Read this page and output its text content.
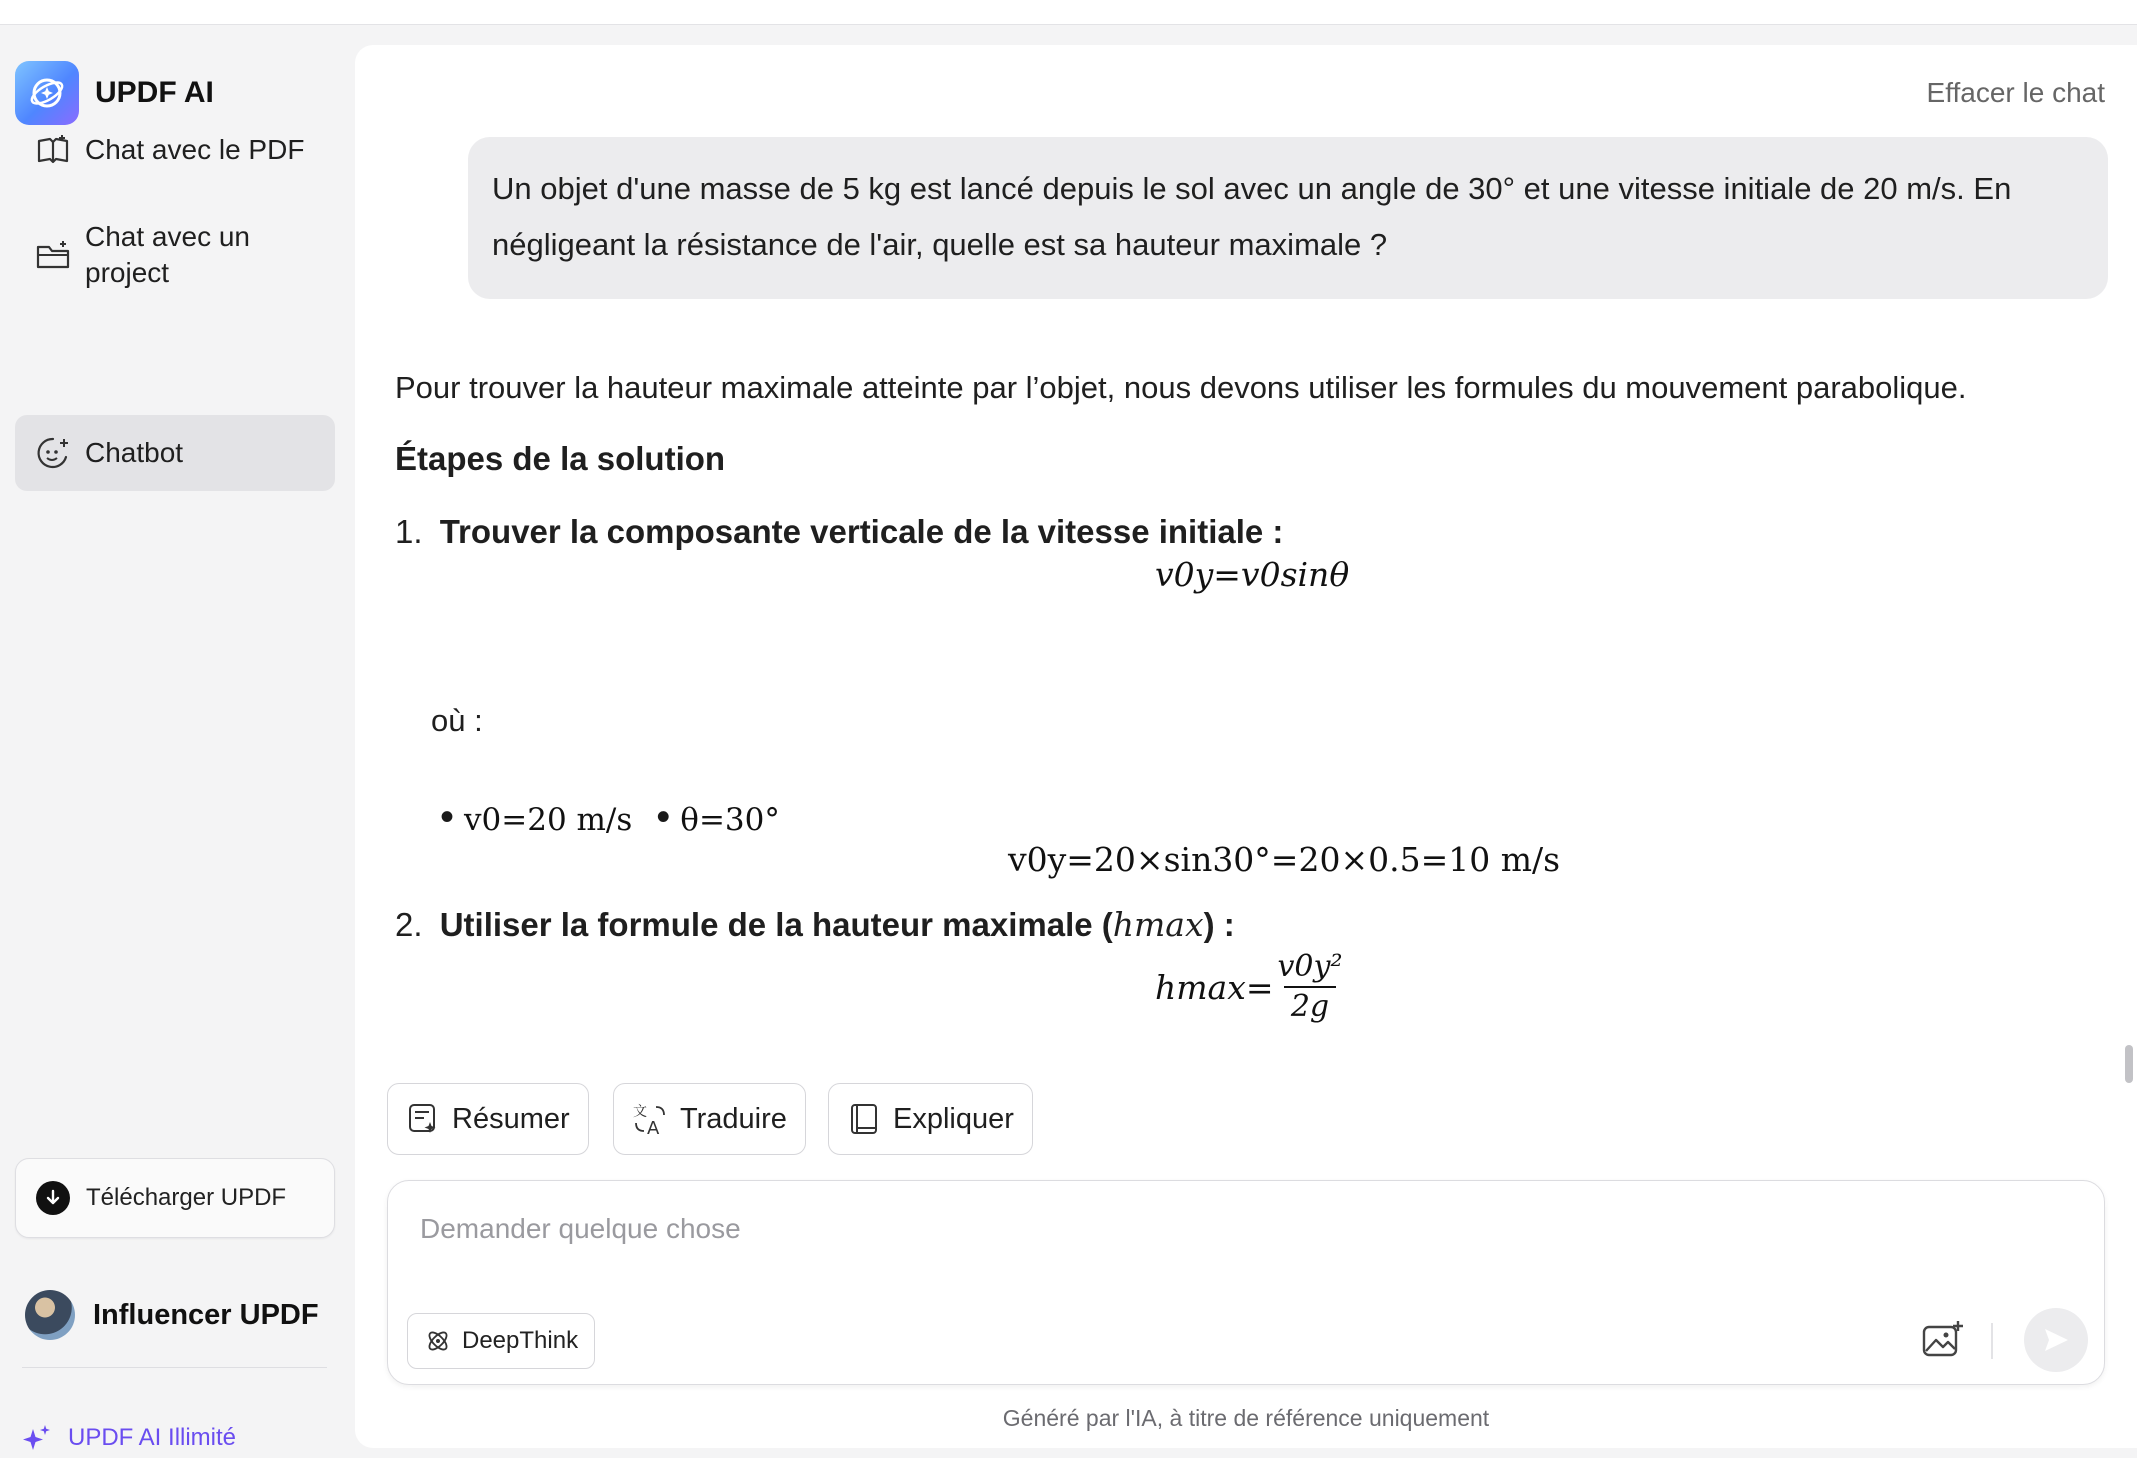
UPDF AI
Chat avec le PDF
Chat avec un project
Chatbot
Télécharger UPDF
Influencer UPDF
UPDF AI Illimité
Effacer le chat
Un objet d'une masse de 5 kg est lancé depuis le sol avec un angle de 30° et une vitesse initiale de 20 m/s. En négligeant la résistance de l'air, quelle est sa hauteur maximale ?
Pour trouver la hauteur maximale atteinte par l’objet, nous devons utiliser les formules du mouvement parabolique.
Étapes de la solution
1. Trouver la composante verticale de la vitesse initiale :
v0y=v0sinθ
où :
• v0=20 m/s • θ=30°
v0y=20×sin30°=20×0.5=10 m/s
2. Utiliser la formule de la hauteur maximale (hmax) :
$hmax= \frac{\text{v0y²}}{2g}$
Résumer	文
A Traduire	Expliquer
Demander quelque chose
DeepThink
Généré par l'IA, à titre de référence uniquement
